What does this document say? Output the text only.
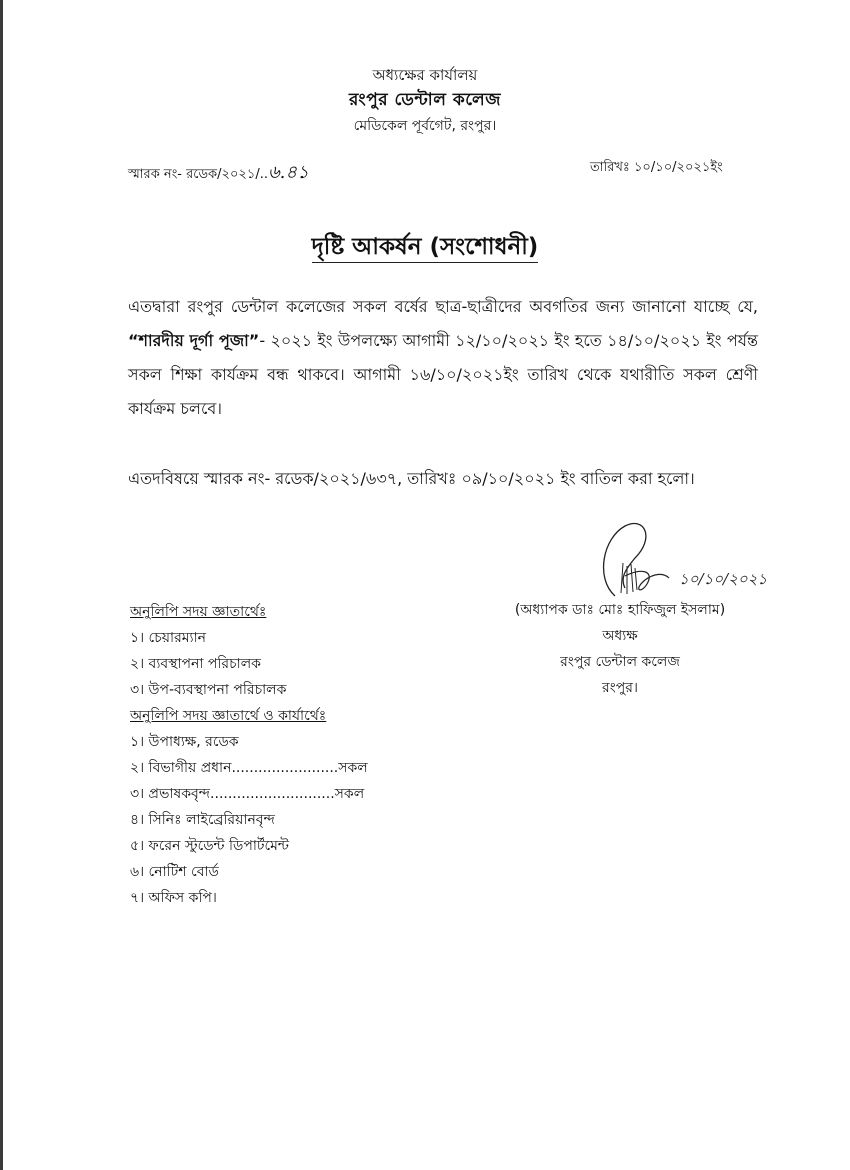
অধ্যক্ষের কার্যালয়
রংপুর ডেন্টাল কলেজ
মেডিকেল পূর্বগেট, রংপুর।
স্মারক নং- রডেক/২০২১/..৬.৪১	তারিখঃ ১০/১০/২০২১ইং
দৃষ্টি আকর্ষন (সংশোধনী)
এতদ্বারা রংপুর ডেন্টাল কলেজের সকল বর্ষের ছাত্র-ছাত্রীদের অবগতির জন্য জানানো যাচ্ছে যে, “শারদীয় দূর্গা পূজা”- ২০২১ ইং উপলক্ষ্যে আগামী ১২/১০/২০২১ ইং হতে ১৪/১০/২০২১ ইং পর্যন্ত সকল শিক্ষা কার্যক্রম বন্ধ থাকবে। আগামী ১৬/১০/২০২১ইং তারিখ থেকে যথারীতি সকল শ্রেণী কার্যক্রম চলবে।
এতদবিষয়ে স্মারক নং- রডেক/২০২১/৬৩৭, তারিখঃ ০৯/১০/২০২১ ইং বাতিল করা হলো।
১০/১০/২০২১
(অধ্যাপক ডাঃ মোঃ হাফিজুল ইসলাম)
অধ্যক্ষ
রংপুর ডেন্টাল কলেজ
রংপুর।
অনুলিপি সদয় জ্ঞাতার্থেঃ
১। চেয়ারম্যান
২। ব্যবস্থাপনা পরিচালক
৩। উপ-ব্যবস্থাপনা পরিচালক
অনুলিপি সদয় জ্ঞাতার্থে ও কার্যার্থেঃ
১। উপাধ্যক্ষ, রডেক
২। বিভাগীয় প্রধান........................সকল
৩। প্রভাষকবৃন্দ............................সকল
৪। সিনিঃ লাইব্রেরিয়ানবৃন্দ
৫। ফরেন স্টুডেন্ট ডিপার্টমেন্ট
৬। নোটিশ বোর্ড
৭। অফিস কপি।
